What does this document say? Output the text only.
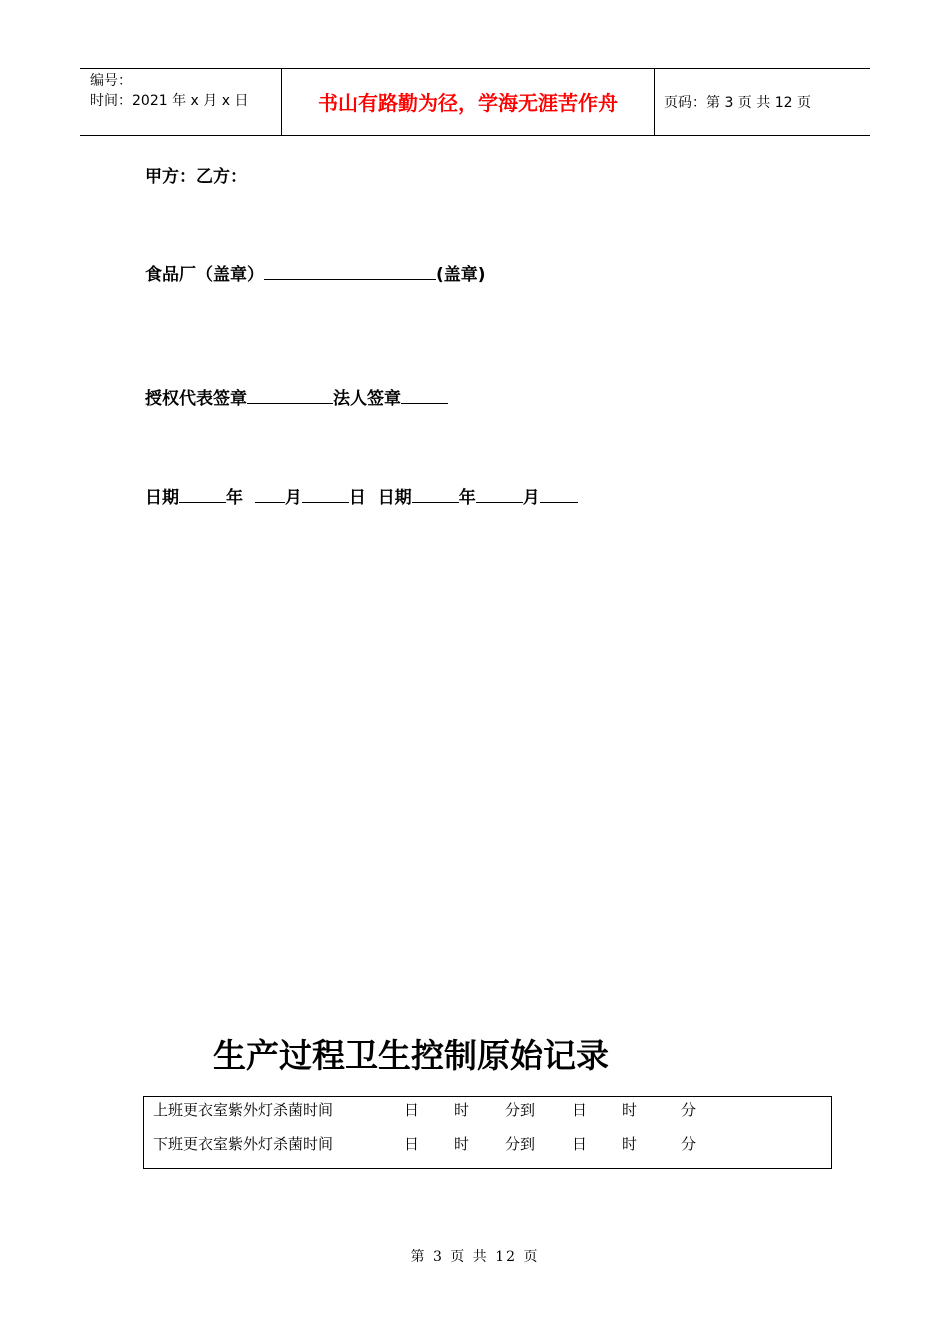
编号：
时间：2021 年 x 月 x 日	书山有路勤为径，学海无涯苦作舟	页码：第 3 页 共 12 页
甲方：乙方：
食品厂（盖章）	(盖章)
授权代表签章	法人签章
日期	年 月	日 日期	年	月
生产过程卫生控制原始记录
上班更衣室紫外灯杀菌时间	日 时 分到 日 时	分
下班更衣室紫外灯杀菌时间	日 时 分到 日 时	分
第 3 页 共 12 页
